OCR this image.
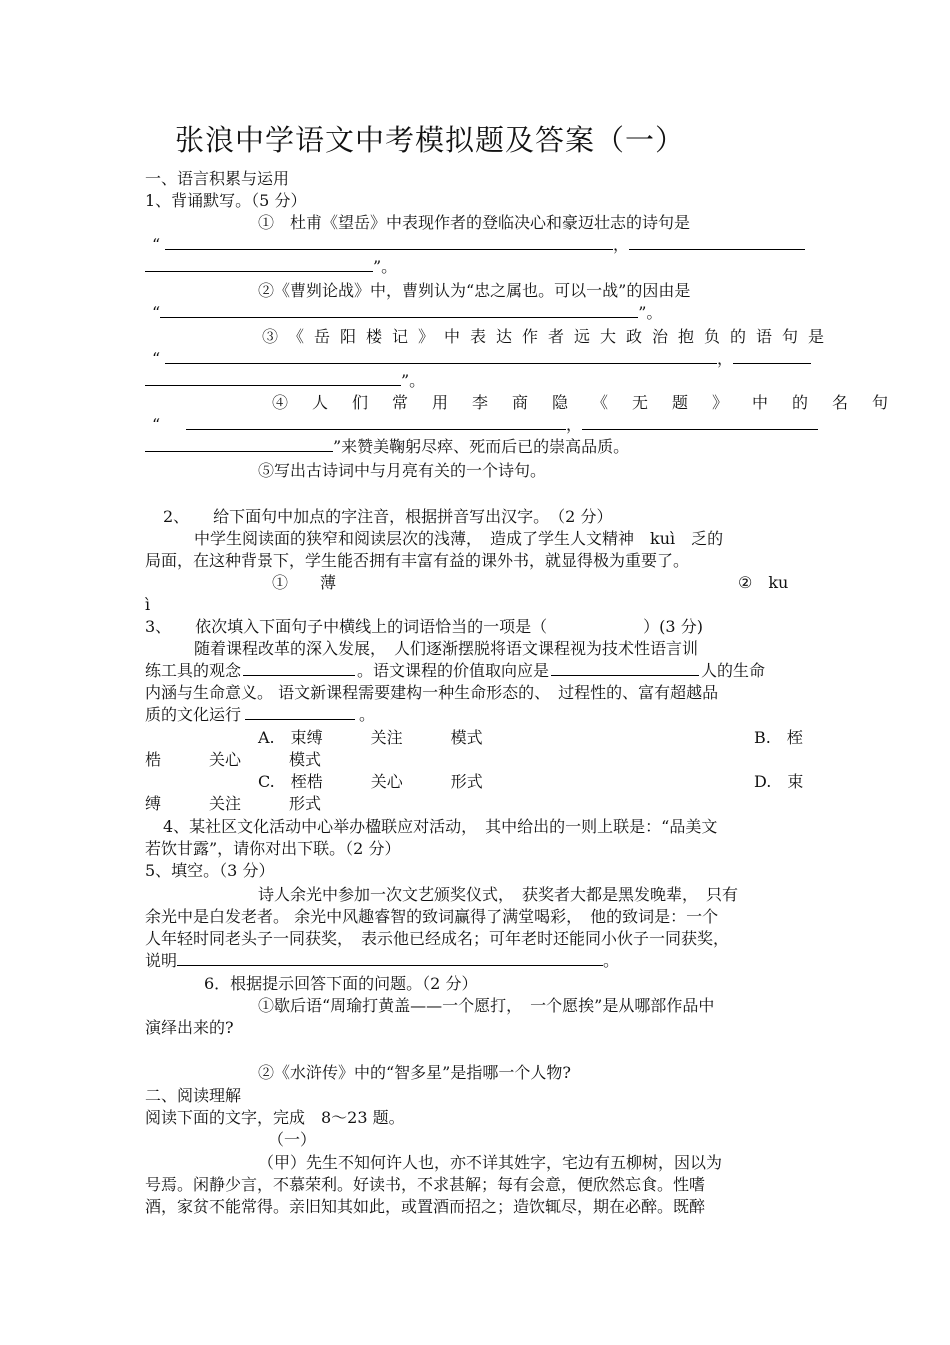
张浪中学语文中考模拟题及答案（一）
一、语言积累与运用
1、背诵默写。（5 分）
①　杜甫《望岳》中表现作者的登临决心和豪迈壮志的诗句是
“	，
”。
②《曹刿论战》中，曹刿认为“忠之属也。可以一战”的因由是
“	”。
③《岳阳楼记》中表达作者远大政治抱负的语句是
“	，
”。
④人们常用李商隐《无题》中的名句
“	，
”来赞美鞠躬尽瘁、死而后已的崇高品质。
⑤写出古诗词中与月亮有关的一个诗句。
2、　　给下面句中加点的字注音，根据拼音写出汉字。　（2 分）
中学生阅读面的狭窄和阅读层次的浅薄，　造成了学生人文精神　kuì　乏的
局面，在这种背景下，学生能否拥有丰富有益的课外书，就显得极为重要了。
①　　薄	②　ku
ì
3、　　依次填入下面句子中横线上的词语恰当的一项是（　　　　　　）(3 分)
随着课程改革的深入发展，　人们逐渐摆脱将语文课程视为技术性语言训
练工具的观念	。语文课程的价值取向应是	人的生命
内涵与生命意义。 语文新课程需要建构一种生命形态的、　过程性的、富有超越品
质的文化运行	。
A.　束缚　　　关注　　　模式	B.　桎
梏　　　关心　　　模式
C.　桎梏　　　关心　　　形式	D.　束
缚　　　关注　　　形式
4、某社区文化活动中心举办楹联应对活动，　其中给出的一则上联是：“品美文
若饮甘露”，请你对出下联。（2 分）
5、填空。（3 分）
诗人余光中参加一次文艺颁奖仪式，　获奖者大都是黑发晚辈，　只有
余光中是白发老者。 余光中风趣睿智的致词赢得了满堂喝彩，　他的致词是：一个
人年轻时同老头子一同获奖，　表示他已经成名；可年老时还能同小伙子一同获奖，
说明	。
6．根据提示回答下面的问题。（2 分）
①歇后语“周瑜打黄盖——一个愿打，　一个愿挨”是从哪部作品中
演绎出来的?
②《水浒传》中的“智多星”是指哪一个人物?
二、阅读理解
阅读下面的文字，完成　8～23 题。
（一）
（甲）先生不知何许人也，亦不详其姓字，宅边有五柳树，因以为
号焉。闲静少言，不慕荣利。好读书，不求甚解；每有会意，便欣然忘食。性嗜
酒，家贫不能常得。亲旧知其如此，或置酒而招之；造饮辄尽，期在必醉。既醉
